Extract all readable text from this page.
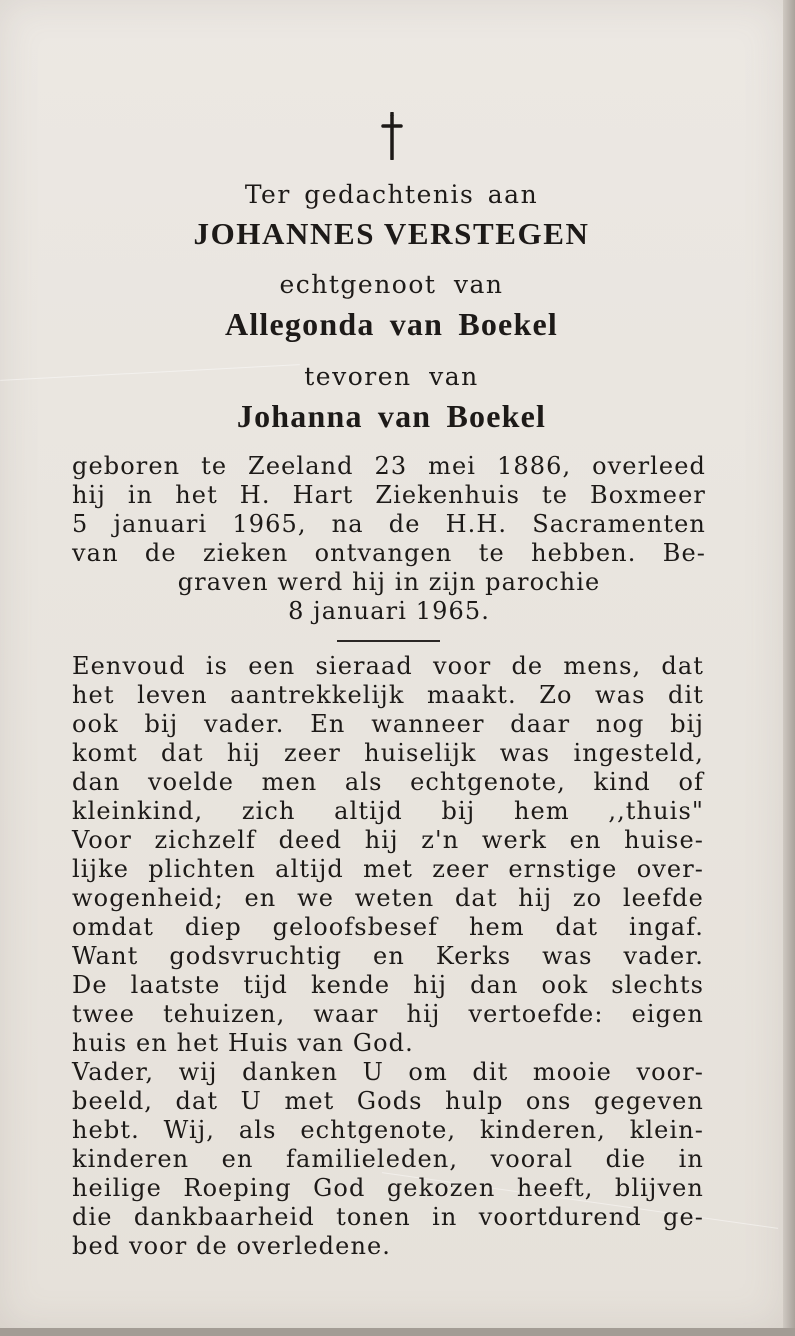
Ter gedachtenis aan
JOHANNES VERSTEGEN
echtgenoot van
Allegonda van Boekel
tevoren van
Johanna van Boekel
geboren te Zeeland 23 mei 1886, overleed
hij in het H. Hart Ziekenhuis te Boxmeer
5 januari 1965, na de H.H. Sacramenten
van de zieken ontvangen te hebben. Be-
graven werd hij in zijn parochie
8 januari 1965.
Eenvoud is een sieraad voor de mens, dat
het leven aantrekkelijk maakt. Zo was dit
ook bij vader. En wanneer daar nog bij
komt dat hij zeer huiselijk was ingesteld,
dan voelde men als echtgenote, kind of
kleinkind, zich altijd bij hem ,,thuis"
Voor zichzelf deed hij z'n werk en huise-
lijke plichten altijd met zeer ernstige over-
wogenheid; en we weten dat hij zo leefde
omdat diep geloofsbesef hem dat ingaf.
Want godsvruchtig en Kerks was vader.
De laatste tijd kende hij dan ook slechts
twee tehuizen, waar hij vertoefde: eigen
huis en het Huis van God.
Vader, wij danken U om dit mooie voor-
beeld, dat U met Gods hulp ons gegeven
hebt. Wij, als echtgenote, kinderen, klein-
kinderen en familieleden, vooral die in
heilige Roeping God gekozen heeft, blijven
die dankbaarheid tonen in voortdurend ge-
bed voor de overledene.
